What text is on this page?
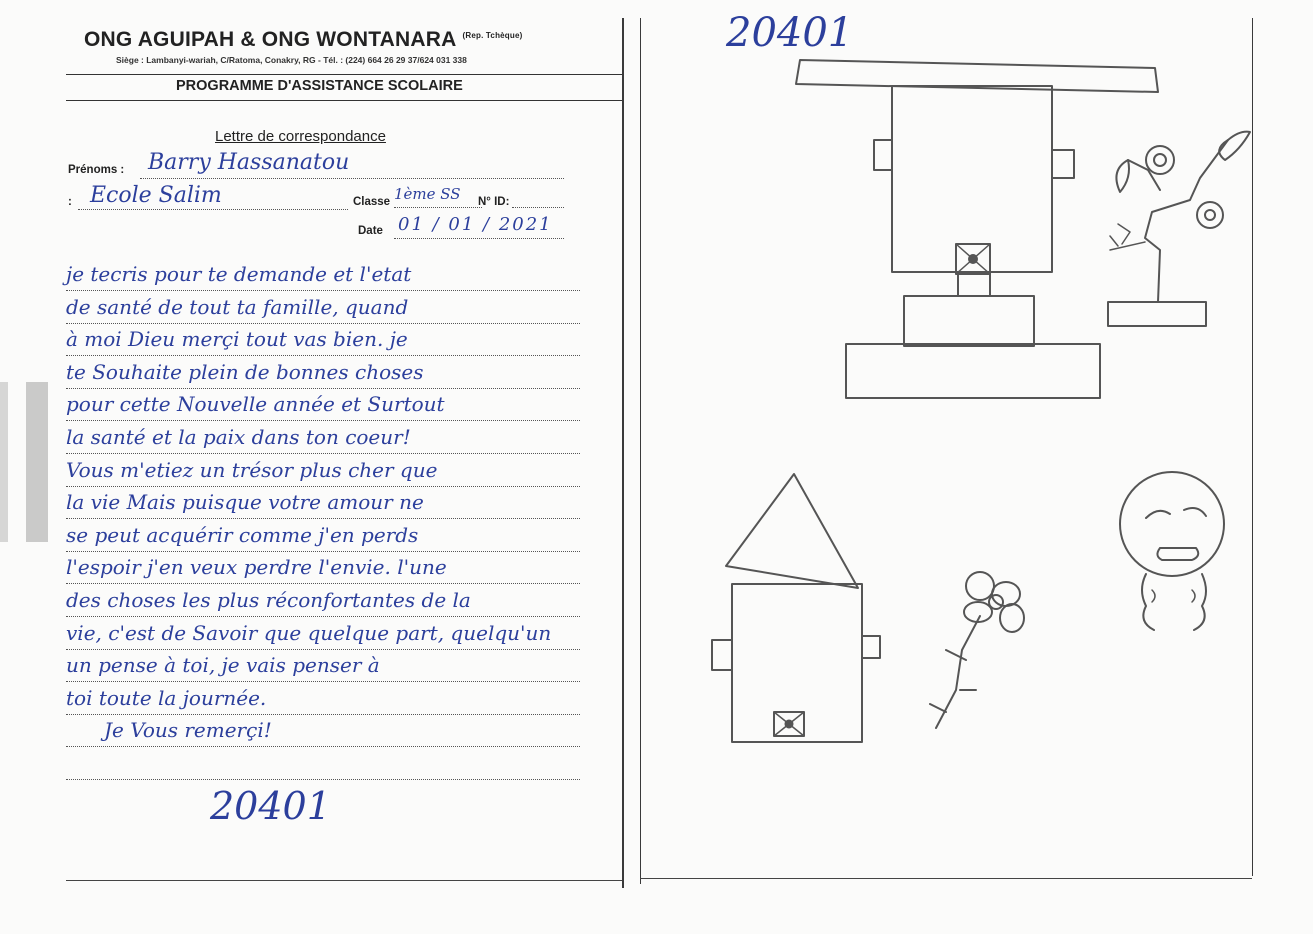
ONG AGUIPAH & ONG WONTANARA $^{(Rep. Tchèque)}$
Siège : Lambanyi-wariah, C/Ratoma, Conakry, RG - Tél. : (224) 664 26 29 37/624 031 338
PROGRAMME D'ASSISTANCE SCOLAIRE
Lettre de correspondance
Prénoms : Barry Hassanatou
: Ecole Salim	Classe 1ème SS N° ID:
Date 01 / 01 / 2021
je tecris pour te demande et l'etat
de santé de tout ta famille, quand
à moi Dieu merçi tout vas bien. je
te Souhaite plein de bonnes choses
pour cette Nouvelle année et Surtout
la santé et la paix dans ton coeur!
Vous m'etiez un trésor plus cher que
la vie Mais puisque votre amour ne
se peut acquérir comme j'en perds
l'espoir j'en veux perdre l'envie. l'une
des choses les plus réconfortantes de la
vie, c'est de Savoir que quelque part, quelqu'un
un pense à toi, je vais penser à
toi toute la journée.
Je Vous remerçi!
20401
20401
